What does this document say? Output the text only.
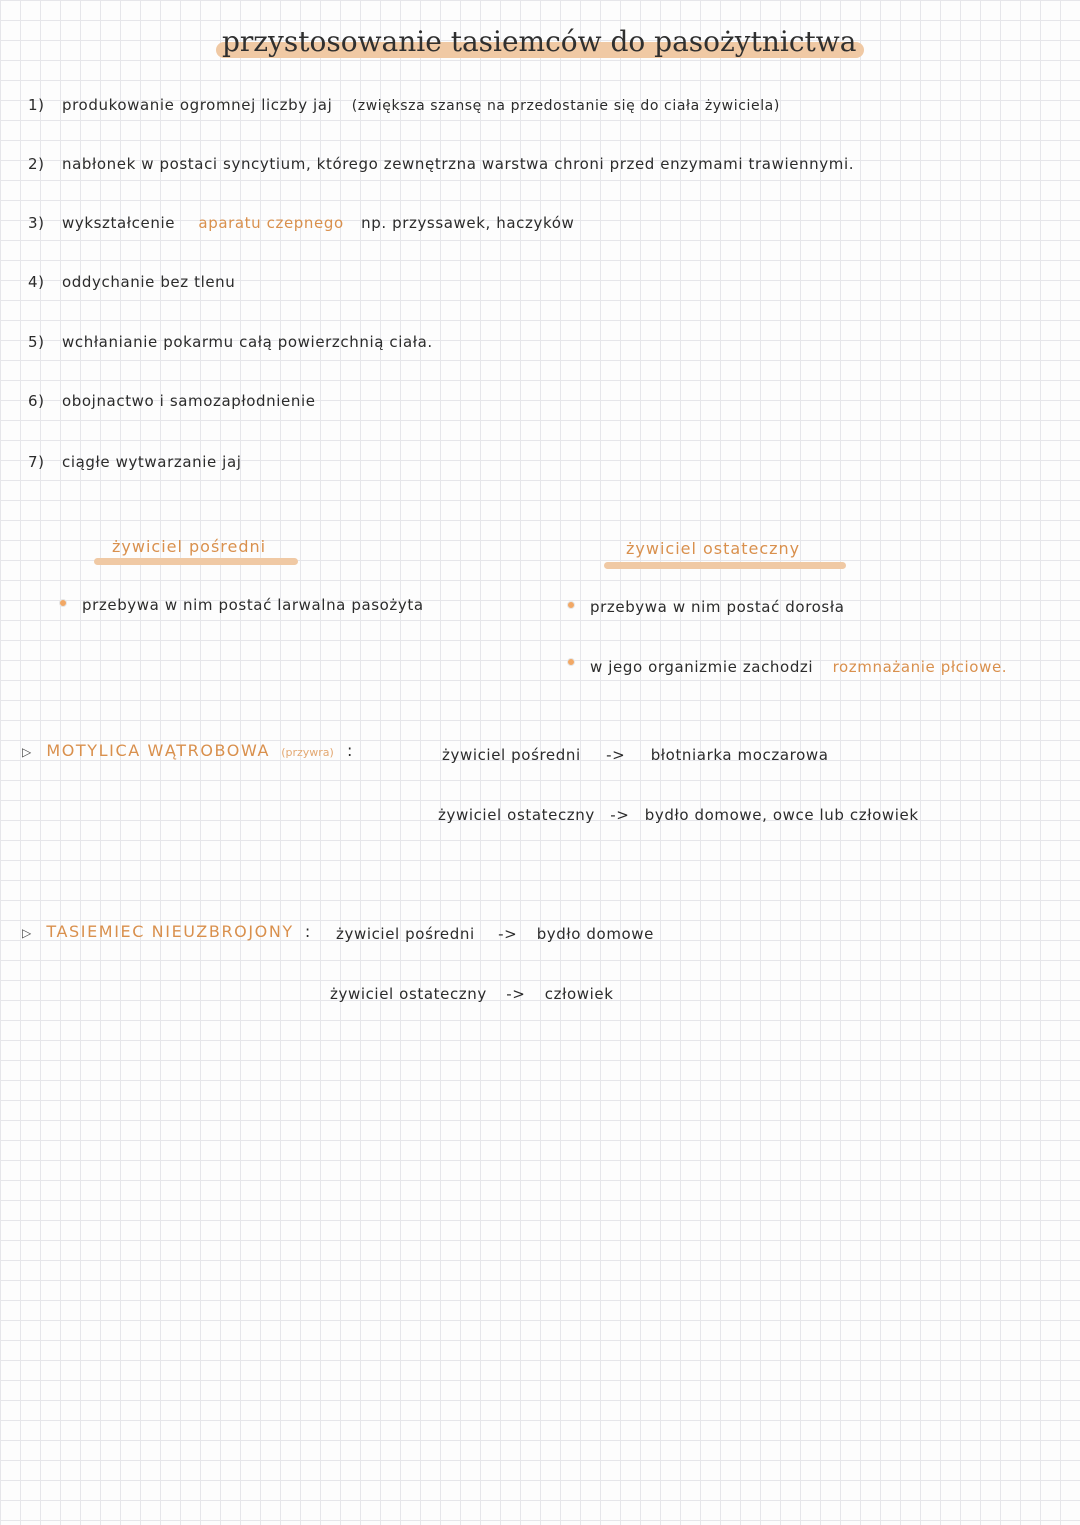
przystosowanie tasiemców do pasożytnictwa
1) produkowanie ogromnej liczby jaj (zwiększa szansę na przedostanie się do ciała żywiciela)
2) nabłonek w postaci syncytium, którego zewnętrzna warstwa chroni przed enzymami trawiennymi.
3) wykształcenie aparatu czepnego np. przyssawek, haczyków
4) oddychanie bez tlenu
5) wchłanianie pokarmu całą powierzchnią ciała.
6) obojnactwo i samozapłodnienie
7) ciągłe wytwarzanie jaj
żywiciel pośredni
przebywa w nim postać larwalna pasożyta
żywiciel ostateczny
przebywa w nim postać dorosła
w jego organizmie zachodzi rozmnażanie płciowe.
▷ MOTYLICA WĄTROBOWA (przywra) :	żywiciel pośredni -> błotniarka moczarowa
żywiciel ostateczny -> bydło domowe, owce lub człowiek
▷ TASIEMIEC NIEUZBROJONY : żywiciel pośredni -> bydło domowe
żywiciel ostateczny -> człowiek
